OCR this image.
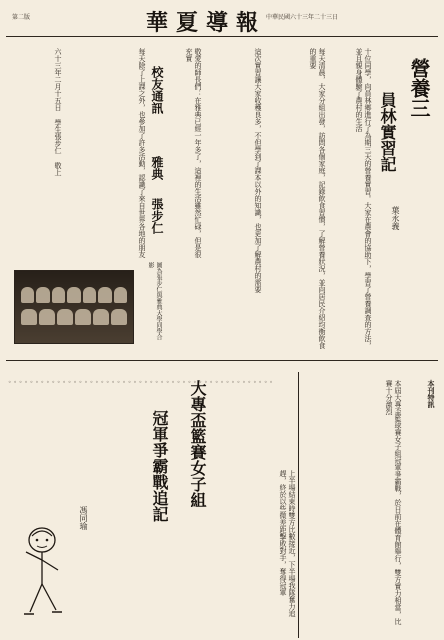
第二版	華夏導報 中華民國六十三年二十三日
營養三
員林實習記
葉永義
十位同學，向員林鄉進行了為期三天的營養實習。大家在農會的協助下，學習了營養調查的方法，並且親身體驗了農村的生活
每天清晨，大家分組出發，訪問各個家庭，記錄飲食習慣，了解營養狀況，並向居民介紹均衡飲食的重要
這次實習讓大家收穫良多，不但學到了課本以外的知識，也更加了解農村的需要
校友通訊
雅典
張步仁	敬愛的師長們：在雅典已經一年多了，這裡的生活雖然忙碌，但是很充實
每天除了上課之外，也參加了許多活動，認識了來自世界各地的朋友
六十三年二月十五日 學生張步仁 敬上
圖為張步仁與雅典大學同學合影
◦ ◦ ◦ ◦ ◦ ◦ ◦ ◦ ◦ ◦ ◦ ◦ ◦ ◦ ◦ ◦ ◦ ◦ ◦ ◦ ◦ ◦ ◦ ◦ ◦ ◦ ◦ ◦ ◦ ◦ ◦ ◦ ◦ ◦ ◦ ◦ ◦ ◦ ◦ ◦ ◦ ◦ ◦ ◦ ◦ ◦ ◦ ◦ ◦
大專盃籃賽女子組
冠軍爭霸戰追記
本刊特訊
本屆大專盃籃球賽女子組冠軍爭霸戰，於日前在體育館舉行，雙方實力相當，比賽十分激烈
上半場結束時雙方比數接近，下半場我隊奮力追趕，終於以些微差距擊敗對手，奪得冠軍
馮同瑜
